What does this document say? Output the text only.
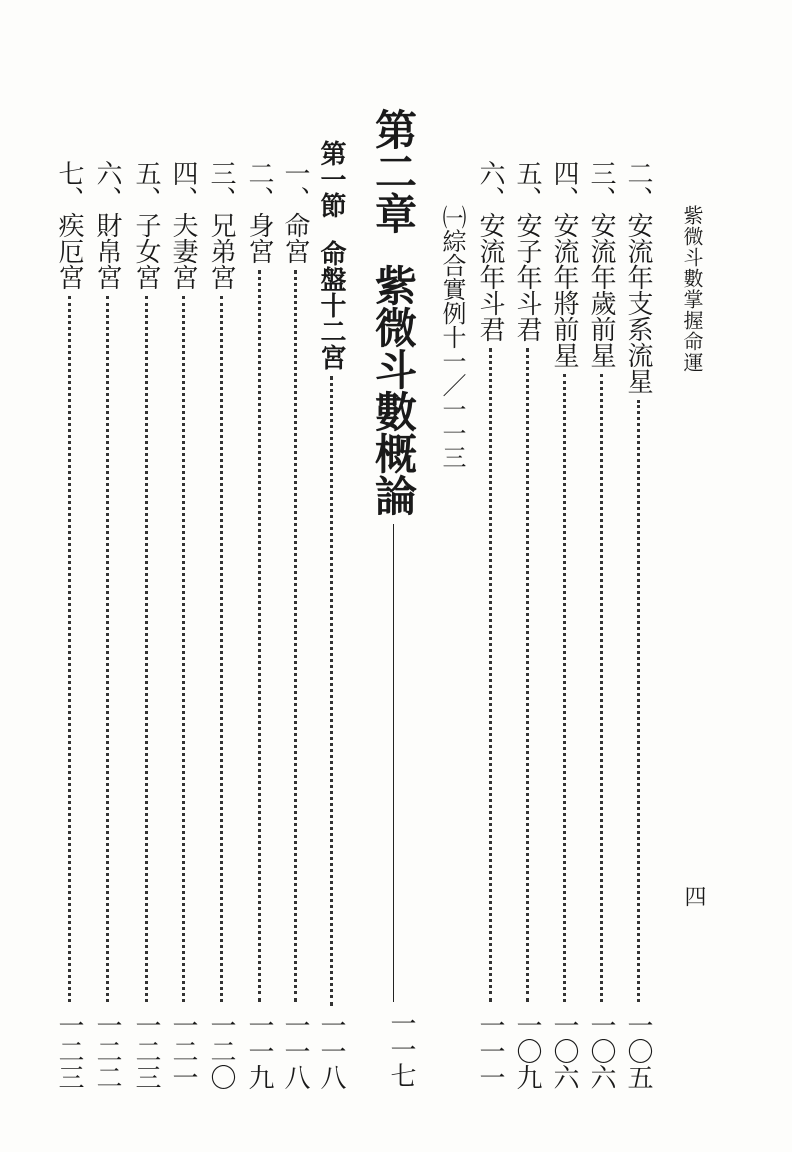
紫微斗數掌握命運
四
二、安流年支系流星
一〇五
三、安流年歲前星
一〇六
四、安流年將前星
一〇六
五、安子年斗君
一〇九
六、安流年斗君
一一一
㈠綜合實例十一／一一三
第二章
紫微斗數概論
一一七
第一節
命盤十二宮
一一八
一、命宮
一一八
二、身宮
一一九
三、兄弟宮
一二〇
四、夫妻宮
一二一
五、子女宮
一二三
六、財帛宮
一二二
七、疾厄宮
一二三
